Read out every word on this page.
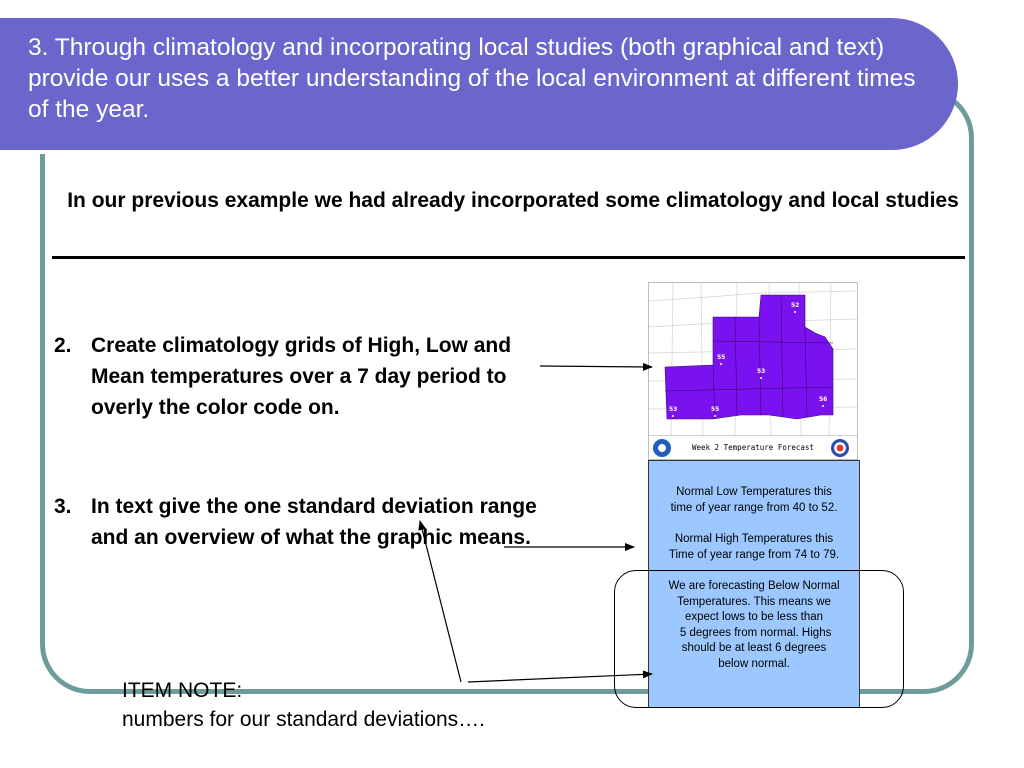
3. Through climatology and incorporating local studies (both graphical and text) provide our uses a better understanding of the local environment at different times of the year.
In our previous example we had already incorporated some climatology and local studies
2. Create climatology grids of High, Low and Mean temperatures over a 7 day period to overly the color code on.
3. In text give the one standard deviation range and an overview of what the graphic means.
52
55
53
53	55
56
Week 2 Temperature Forecast

Normal Low Temperatures this

time of year range from 40 to 52.

Normal High Temperatures this

Time of year range from 74 to 79.

We are forecasting Below Normal

Temperatures. This means we

expect lows to be less than

5 degrees from normal. Highs

should be at least 6 degrees

below normal.

ITEM NOTE:
numbers for our standard deviations….
